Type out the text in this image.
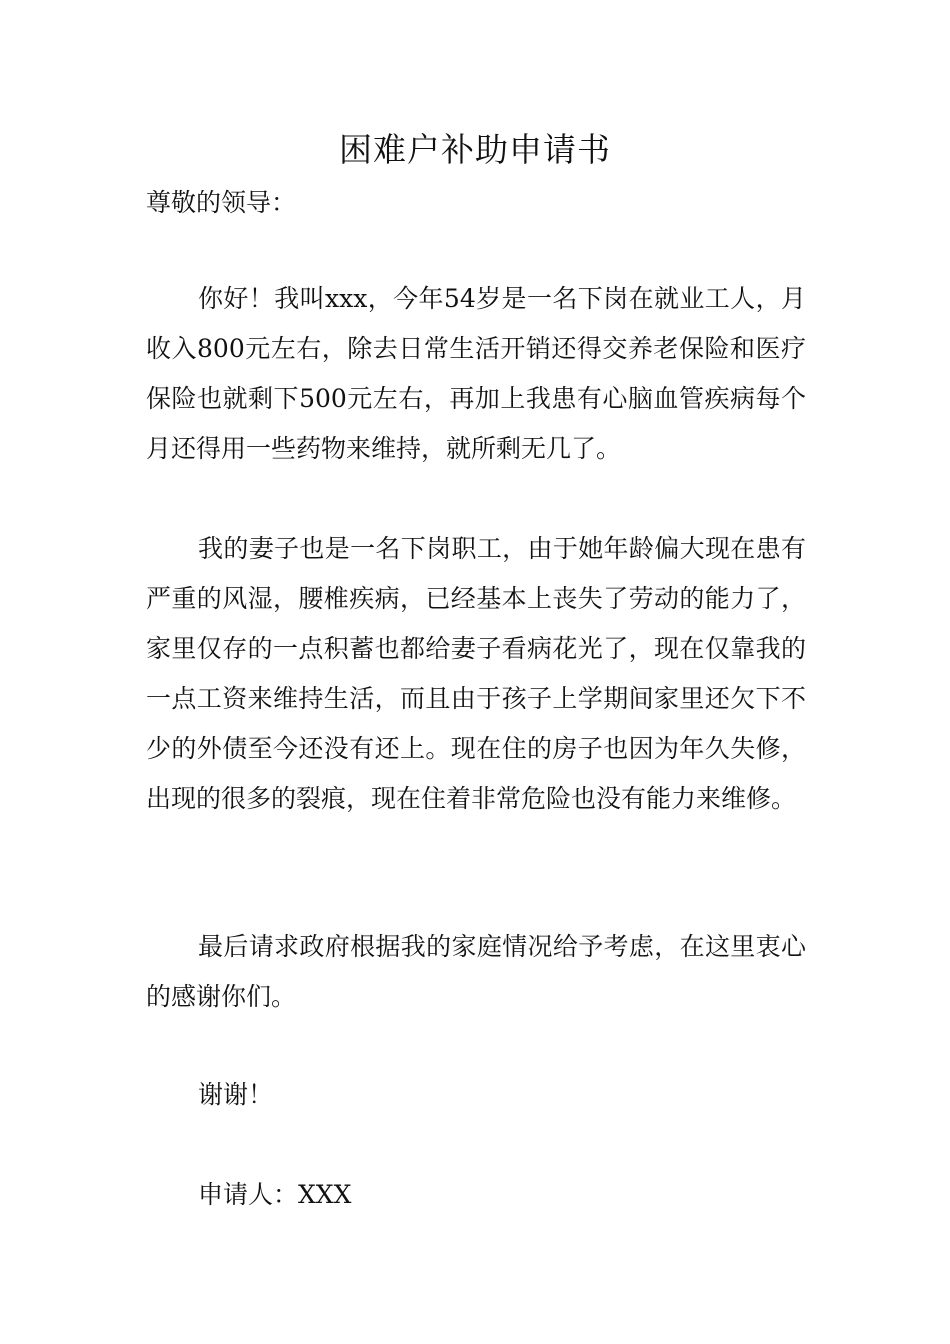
困难户补助申请书
尊敬的领导：
你好！我叫xxx，今年54岁是一名下岗在就业工人，月收入800元左右，除去日常生活开销还得交养老保险和医疗保险也就剩下500元左右，再加上我患有心脑血管疾病每个月还得用一些药物来维持，就所剩无几了。
我的妻子也是一名下岗职工，由于她年龄偏大现在患有严重的风湿，腰椎疾病，已经基本上丧失了劳动的能力了，家里仅存的一点积蓄也都给妻子看病花光了，现在仅靠我的一点工资来维持生活，而且由于孩子上学期间家里还欠下不少的外债至今还没有还上。现在住的房子也因为年久失修，出现的很多的裂痕，现在住着非常危险也没有能力来维修。
最后请求政府根据我的家庭情况给予考虑，在这里衷心的感谢你们。
谢谢！
申请人：XXX
